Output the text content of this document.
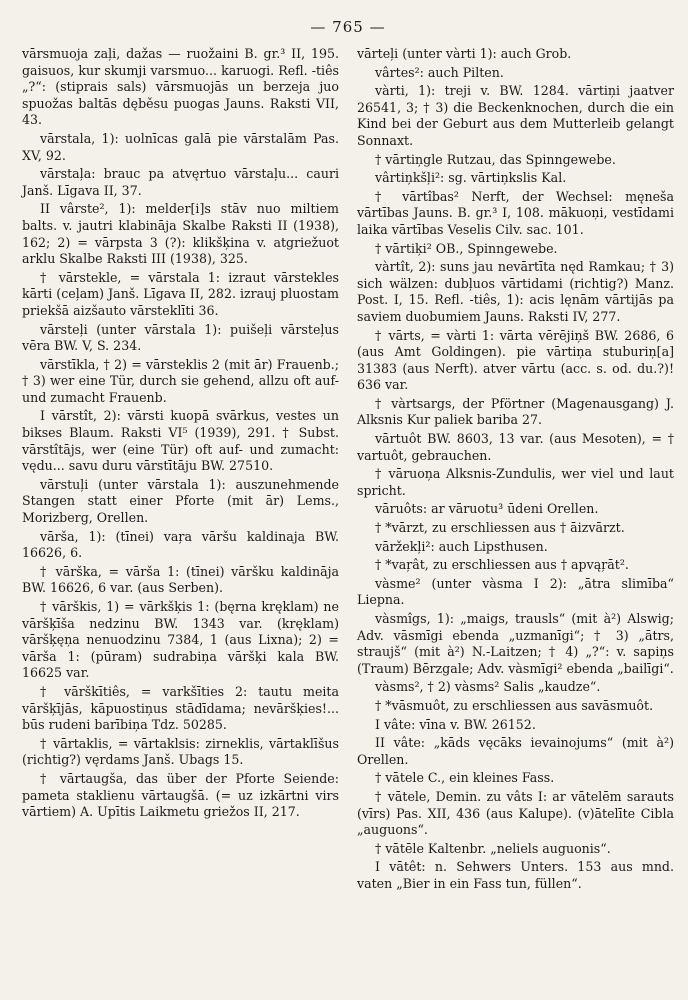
— 765 —

vārsmuoja zaļi, dažas — ruožaini B. gr.³ II, 195. gaisuos, kur skumji varsmuo... karuogi. Refl. -tiês „?“: (stiprais sals) vārsmuojās un berzeja juo spuožas baltās dęběsu puogas Jauns. Raksti VII, 43.

vārstala, 1): uolnīcas galā pie vārstalām Pas. XV, 92.

vārstaļa: brauc pa atvęrtuo vārstaļu... cauri Janš. Līgava II, 37.

II vârste², 1): melder[i]s stāv nuo miltiem balts. v. jautri klabināja Skalbe Raksti II (1938), 162; 2) = vārpsta 3 (?): klikšķina v. atgriežuot arklu Skalbe Raksti III (1938), 325.

† vārstekle, = vārstala 1: izraut vārstekles kārti (ceļam) Janš. Līgava II, 282. izrauj pluostam priekšā aizšauto vārsteklīti 36.

vārsteļi (unter vārstala 1): puišeļi vārsteļus vēra BW. V, S. 234.

vārstīkla, † 2) = vārsteklis 2 (mit ār) Frauenb.; † 3) wer eine Tür, durch sie gehend, allzu oft auf- und zumacht Frauenb.

I vārstît, 2): vārsti kuopā svārkus, vestes un bikses Blaum. Raksti VI⁵ (1939), 291. † Subst. vārstîtājs, wer (eine Tür) oft auf- und zumacht: vędu... savu duru vārstītāju BW. 27510.

vārstuļi (unter vārstala 1): auszunehmende Stangen statt einer Pforte (mit ār) Lems., Morizberg, Orellen.

vārša, 1): (tīnei) vaŗa vāršu kaldinaja BW. 16626, 6.

† vārška, = vārša 1: (tīnei) vāršku kaldināja BW. 16626, 6 var. (aus Serben).

† vārškis, 1) = vārkšķis 1: (bęrna kręklam) ne vāršķīša nedzinu BW. 1343 var. (kręklam) vāršķęņa nenuodzinu 7384, 1 (aus Lixna); 2) = vārša 1: (pūram) sudrabiņa vāršķi kala BW. 16625 var.

† vārškītiês, = varkšīties 2: tautu meita vāršķījās, kāpuostiņus stādīdama; nevāršķies!... būs rudeni barībiņa Tdz. 50285.

† vārtaklis, = vārtaklsis: zirneklis, vārtaklīšus (richtig?) vęrdams Janš. Ubags 15.

† vārtaugša, das über der Pforte Seiende: pameta staklienu vārtaugšā. (= uz izkārtni virs vārtiem) A. Upītis Laikmetu griežos II, 217.

vārteļi (unter vàrti 1): auch Grob.

vârtes²: auch Pilten.

vàrti, 1): treji v. BW. 1284. vārtiņi jaatver 26541, 3; † 3) die Beckenknochen, durch die ein Kind bei der Geburt aus dem Mutterleib gelangt Sonnaxt.

† vārtiņgle Rutzau, das Spinngewebe.

vârtiņkšļi²: sg. vārtiņkslis Kal.

† vārtîbas² Nerft, der Wechsel: męneša vārtības Jauns. B. gr.³ I, 108. mākuoņi, vestīdami laika vārtības Veselis Cilv. sac. 101.

† vārtiķi² OB., Spinngewebe.

vàrtît, 2): suns jau nevārtīta nęd Ramkau; † 3) sich wälzen: dubļuos vārtidami (richtig?) Manz. Post. I, 15. Refl. -tiês, 1): acis lęnām vārtijās pa saviem duobumiem Jauns. Raksti IV, 277.

† vārts, = vàrti 1: vārta vērējiņš BW. 2686, 6 (aus Amt Goldingen). pie vārtiņa stuburiņ[a] 31383 (aus Nerft). atver vārtu (acc. s. od. du.?)! 636 var.

† vàrtsargs, der Pförtner (Magenausgang) J. Alksnis Kur paliek bariba 27.

vārtuôt BW. 8603, 13 var. (aus Mesoten), = † vartuôt, gebrauchen.

† vāruoņa Alksnis-Zundulis, wer viel und laut spricht.

vāruôts: ar vāruotu³ ūdeni Orellen.

† *vārzt, zu erschliessen aus † āizvārzt.

vāržekļi²: auch Lipsthusen.

† *vaŗât, zu erschliessen aus † apvąŗāt².

vàsme² (unter vàsma I 2): „ātra slimība“ Liepna.

vàsmîgs, 1): „maigs, trausls“ (mit à²) Alswig; Adv. vāsmīgi ebenda „uzmanīgi“; † 3) „ātrs, straujš“ (mit à²) N.-Laitzen; † 4) „?“: v. sapiņs (Traum) Bērzgale; Adv. vàsmīgi² ebenda „bailīgi“.

vàsms², † 2) vàsms² Salis „kaudze“.

† *vāsmuôt, zu erschliessen aus savāsmuôt.

I vâte: vīna v. BW. 26152.

II vâte: „kāds vęcāks ievainojums“ (mit à²) Orellen.

† vātele C., ein kleines Fass.

† vātele, Demin. zu vâts I: ar vātelēm sarauts (vīrs) Pas. XII, 436 (aus Kalupe). (v)ātelīte Cibla „auguons“.

† vātēle Kaltenbr. „neliels auguonis“.

I vātêt: n. Sehwers Unters. 153 aus mnd. vaten „Bier in ein Fass tun, füllen“.
